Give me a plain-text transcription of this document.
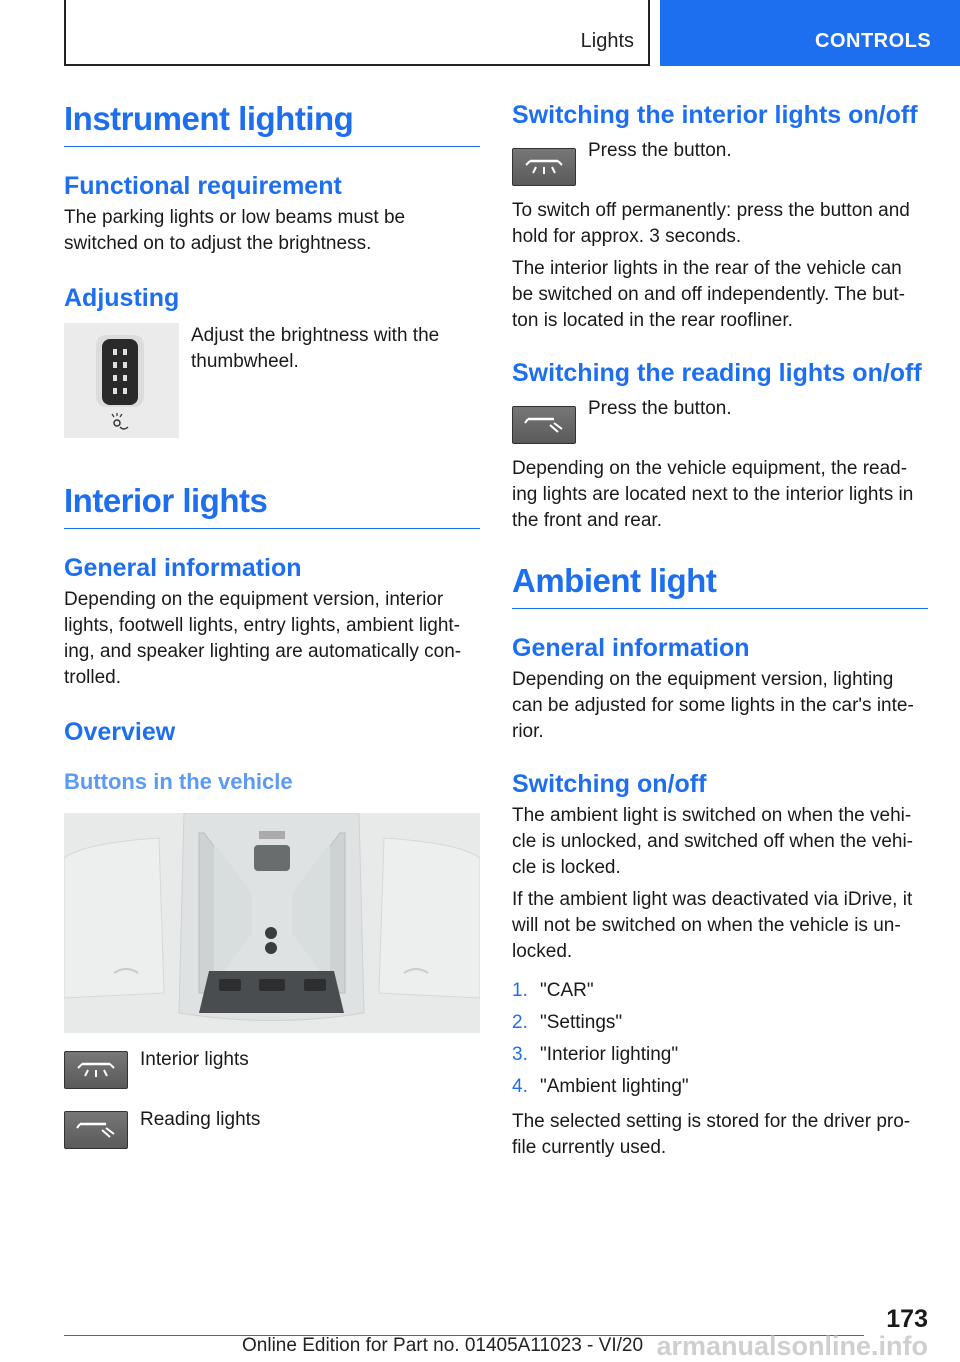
Lights	CONTROLS
Instrument lighting
Functional requirement

The parking lights or low beams must be switched on to adjust the brightness.

Adjusting
Adjust the brightness with the thumbwheel.
Interior lights
General information

Depending on the equipment version, interior lights, footwell lights, entry lights, ambient light-ing, and speaker lighting are automatically con-trolled.

Overview
Buttons in the vehicle
Interior lights
Reading lights
Switching the interior lights on/off
Press the button.

To switch off permanently: press the button and hold for approx. 3 seconds.

The interior lights in the rear of the vehicle can be switched on and off independently. The but-ton is located in the rear roofliner.

Switching the reading lights on/off
Press the button.

Depending on the vehicle equipment, the read-ing lights are located next to the interior lights in the front and rear.

Ambient light
General information

Depending on the equipment version, lighting can be adjusted for some lights in the car's inte-rior.

Switching on/off

The ambient light is switched on when the vehi-cle is unlocked, and switched off when the vehi-cle is locked.

If the ambient light was deactivated via iDrive, it will not be switched on when the vehicle is un-locked.

1. "CAR"
2. "Settings"
3. "Interior lighting"
4. "Ambient lighting"

The selected setting is stored for the driver pro-file currently used.

173
Online Edition for Part no. 01405A11023 - VI/20 armanualsonline.info
